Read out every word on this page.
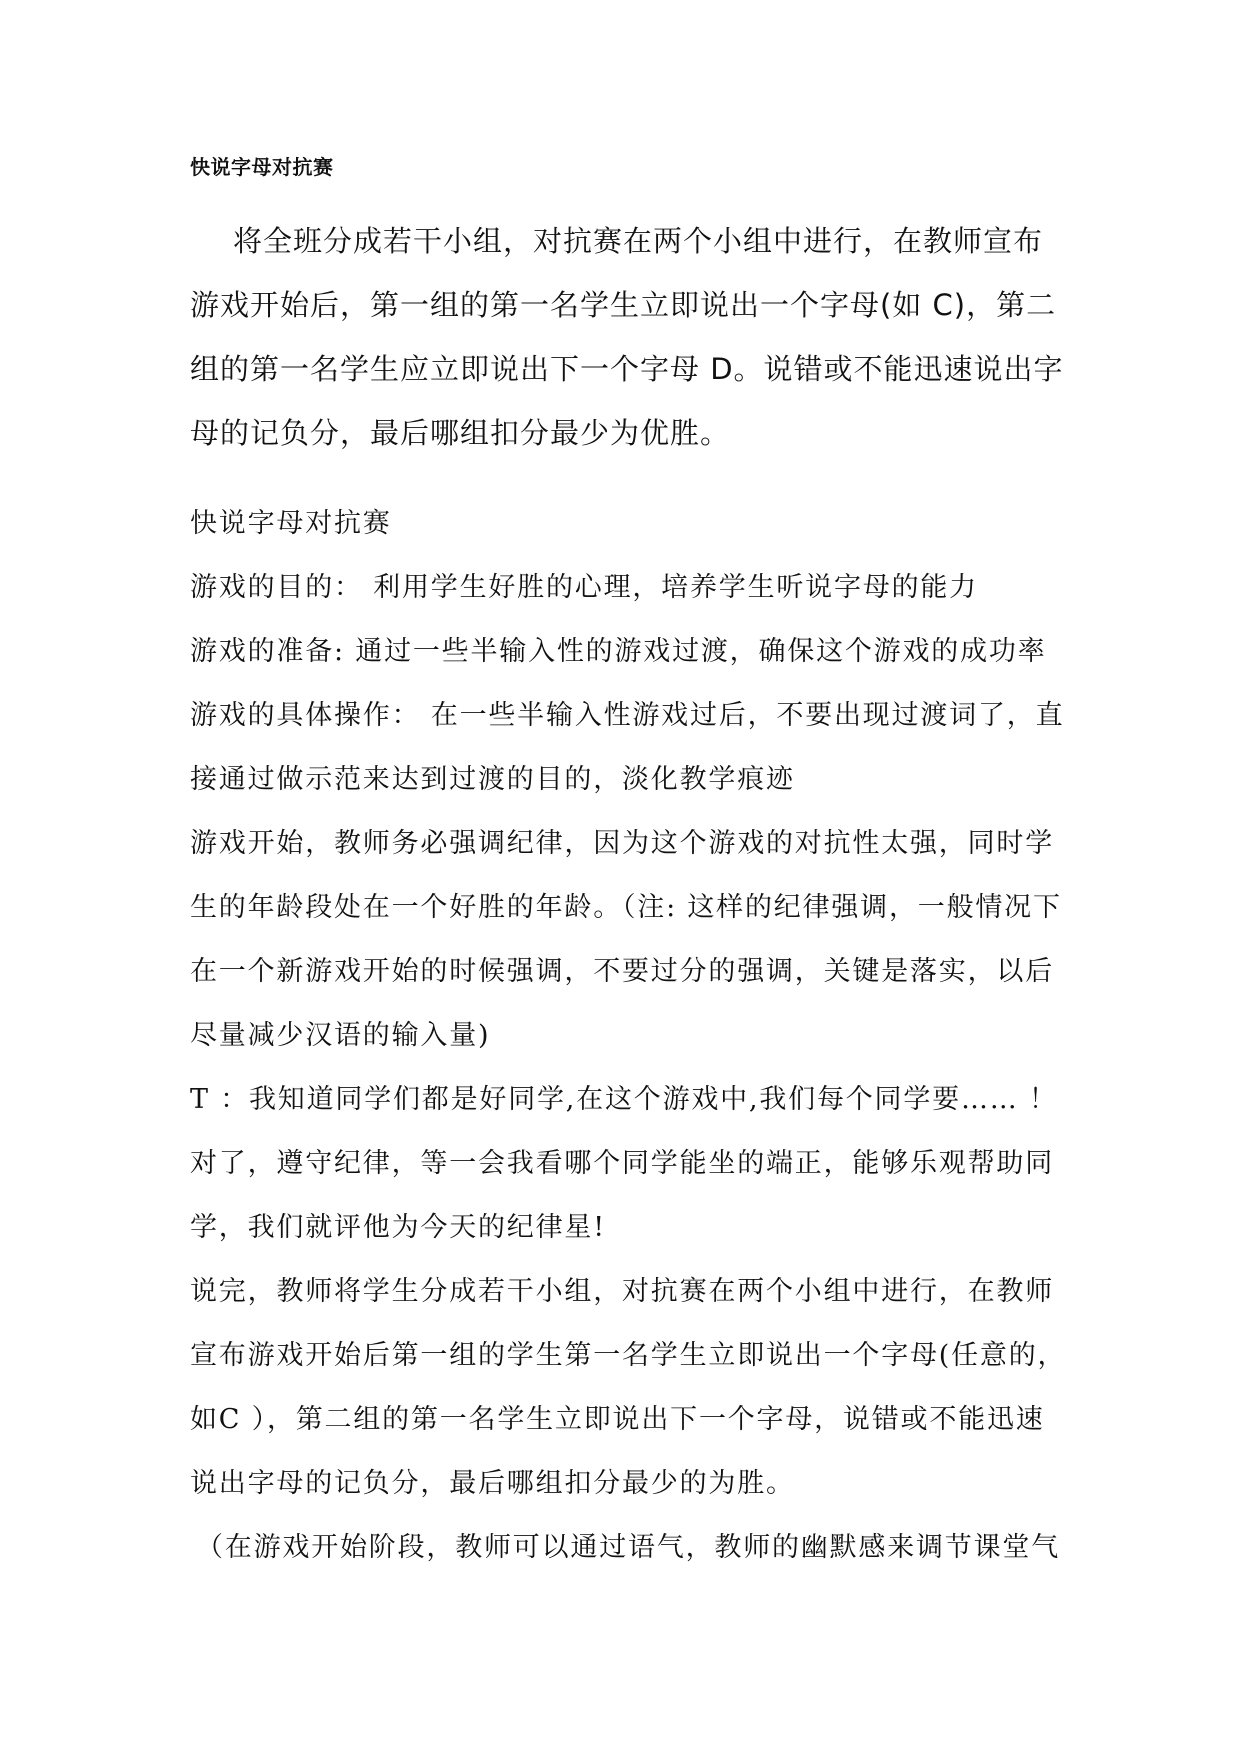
快说字母对抗赛

将全班分成若干小组，对抗赛在两个小组中进行，在教师宣布游戏开始后，第一组的第一名学生立即说出一个字母(如 C)，第二组的第一名学生应立即说出下一个字母 D。说错或不能迅速说出字母的记负分，最后哪组扣分最少为优胜。

快说字母对抗赛

游戏的目的： 利用学生好胜的心理，培养学生听说字母的能力

游戏的准备: 通过一些半输入性的游戏过渡，确保这个游戏的成功率

游戏的具体操作： 在一些半输入性游戏过后，不要出现过渡词了，直接通过做示范来达到过渡的目的，淡化教学痕迹

游戏开始，教师务必强调纪律，因为这个游戏的对抗性太强，同时学生的年龄段处在一个好胜的年龄。（注: 这样的纪律强调，一般情况下在一个新游戏开始的时候强调，不要过分的强调，关键是落实，以后尽量减少汉语的输入量)

T ：我知道同学们都是好同学,在这个游戏中,我们每个同学要…… ！对了，遵守纪律，等一会我看哪个同学能坐的端正，能够乐观帮助同学，我们就评他为今天的纪律星!

说完，教师将学生分成若干小组，对抗赛在两个小组中进行，在教师宣布游戏开始后第一组的学生第一名学生立即说出一个字母(任意的，如C ），第二组的第一名学生立即说出下一个字母，说错或不能迅速说出字母的记负分，最后哪组扣分最少的为胜。

（在游戏开始阶段，教师可以通过语气，教师的幽默感来调节课堂气
